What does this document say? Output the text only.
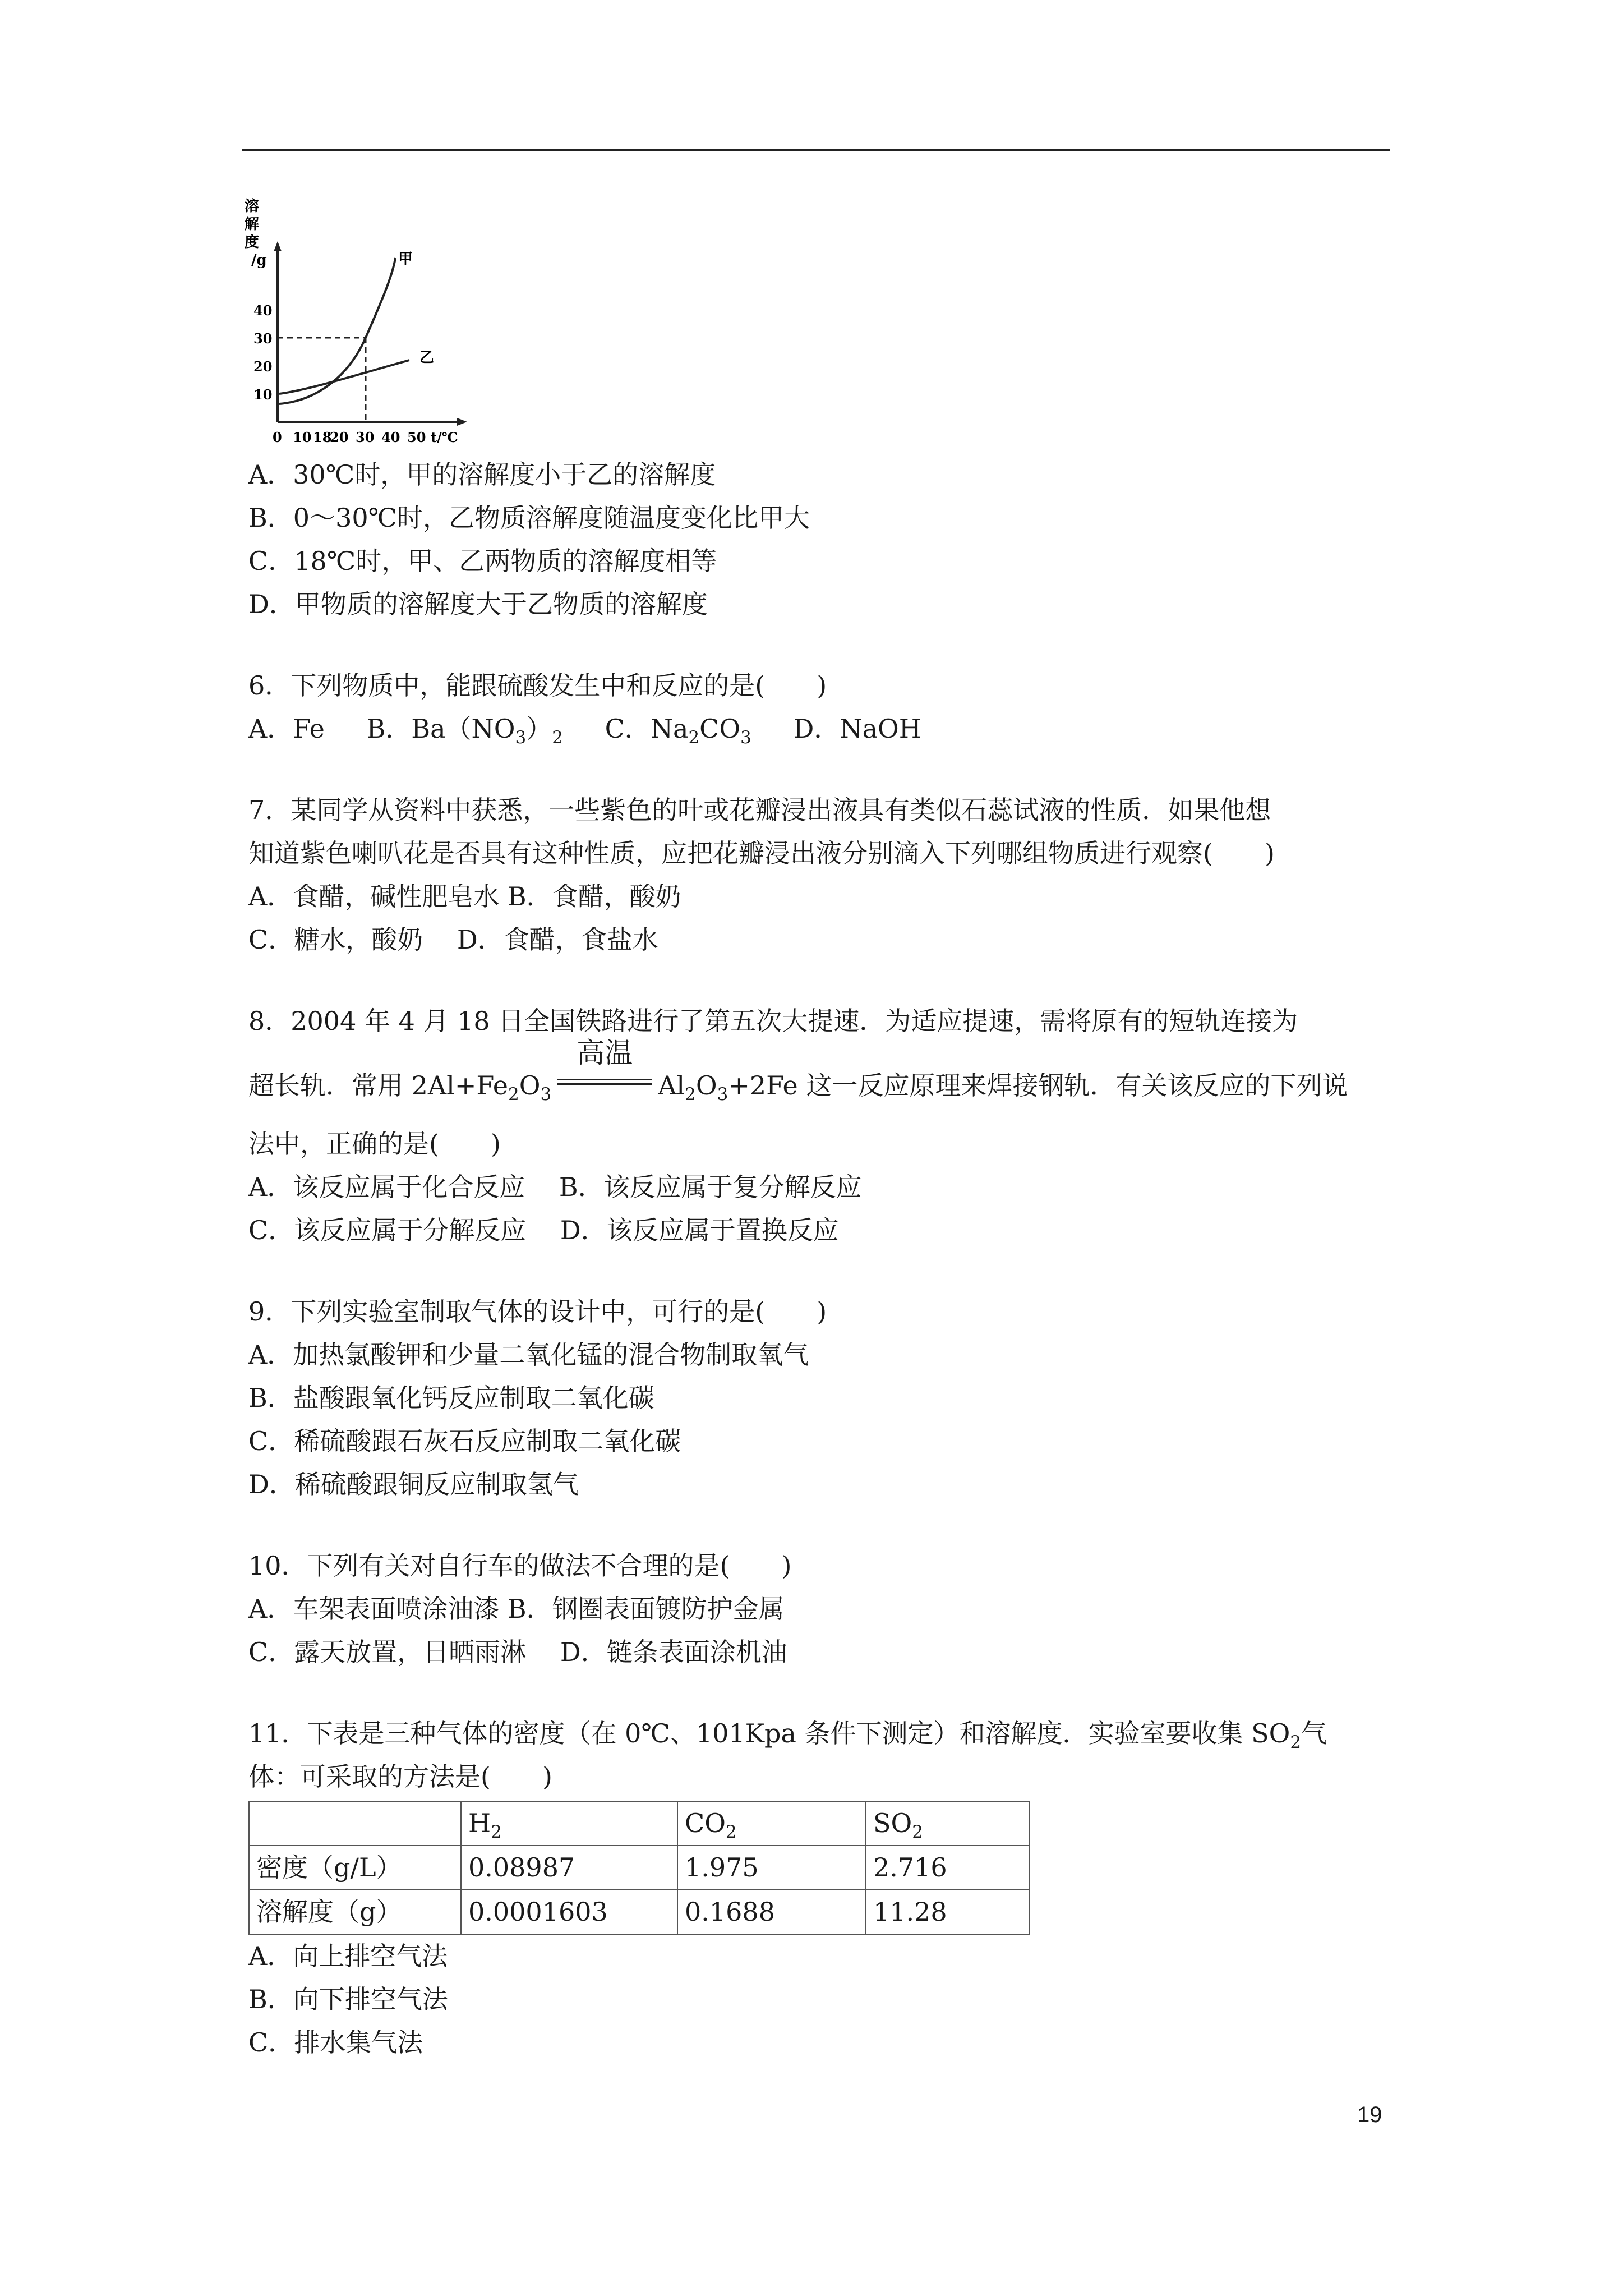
溶
解
度
/g
40
30
20
10
0 10 18
20 30 40 50 t/℃
甲
乙
A．30℃时，甲的溶解度小于乙的溶解度
B．0～30℃时，乙物质溶解度随温度变化比甲大
C．18℃时，甲、乙两物质的溶解度相等
D．甲物质的溶解度大于乙物质的溶解度
6．下列物质中，能跟硫酸发生中和反应的是(　　)
A．Fe B．$Ba(NO_3)_2$ C．$Na_2CO_3$ D．NaOH
7．某同学从资料中获悉，一些紫色的叶或花瓣浸出液具有类似石蕊试液的性质．如果他想
知道紫色喇叭花是否具有这种性质，应把花瓣浸出液分别滴入下列哪组物质进行观察(　　)
A．食醋，碱性肥皂水 B．食醋，酸奶
C．糖水，酸奶　 D．食醋，食盐水
8．2004 年 4 月 18 日全国铁路进行了第五次大提速．为适应提速，需将原有的短轨连接为
超长轨．常用 $2Al+Fe_2O_3$
高温
$Al_2O_3+2Fe$ 这一反应原理来焊接钢轨．有关该反应的下列说
法中，正确的是(　　)
A．该反应属于化合反应　 B．该反应属于复分解反应
C．该反应属于分解反应　 D．该反应属于置换反应
9．下列实验室制取气体的设计中，可行的是(　　)
A．加热氯酸钾和少量二氧化锰的混合物制取氧气
B．盐酸跟氧化钙反应制取二氧化碳
C．稀硫酸跟石灰石反应制取二氧化碳
D．稀硫酸跟铜反应制取氢气
10．下列有关对自行车的做法不合理的是(　　)
A．车架表面喷涂油漆 B．钢圈表面镀防护金属
C．露天放置，日晒雨淋　 D．链条表面涂机油
11．下表是三种气体的密度（在 0℃、101Kpa 条件下测定）和溶解度．实验室要收集 $SO_2$气
体：可采取的方法是(　　)
	$H_2$	$CO_2$	$SO_2$
密度（g/L）	0.08987	1.975	2.716
溶解度（g）	0.0001603	0.1688	11.28
A．向上排空气法
B．向下排空气法
C．排水集气法
19
